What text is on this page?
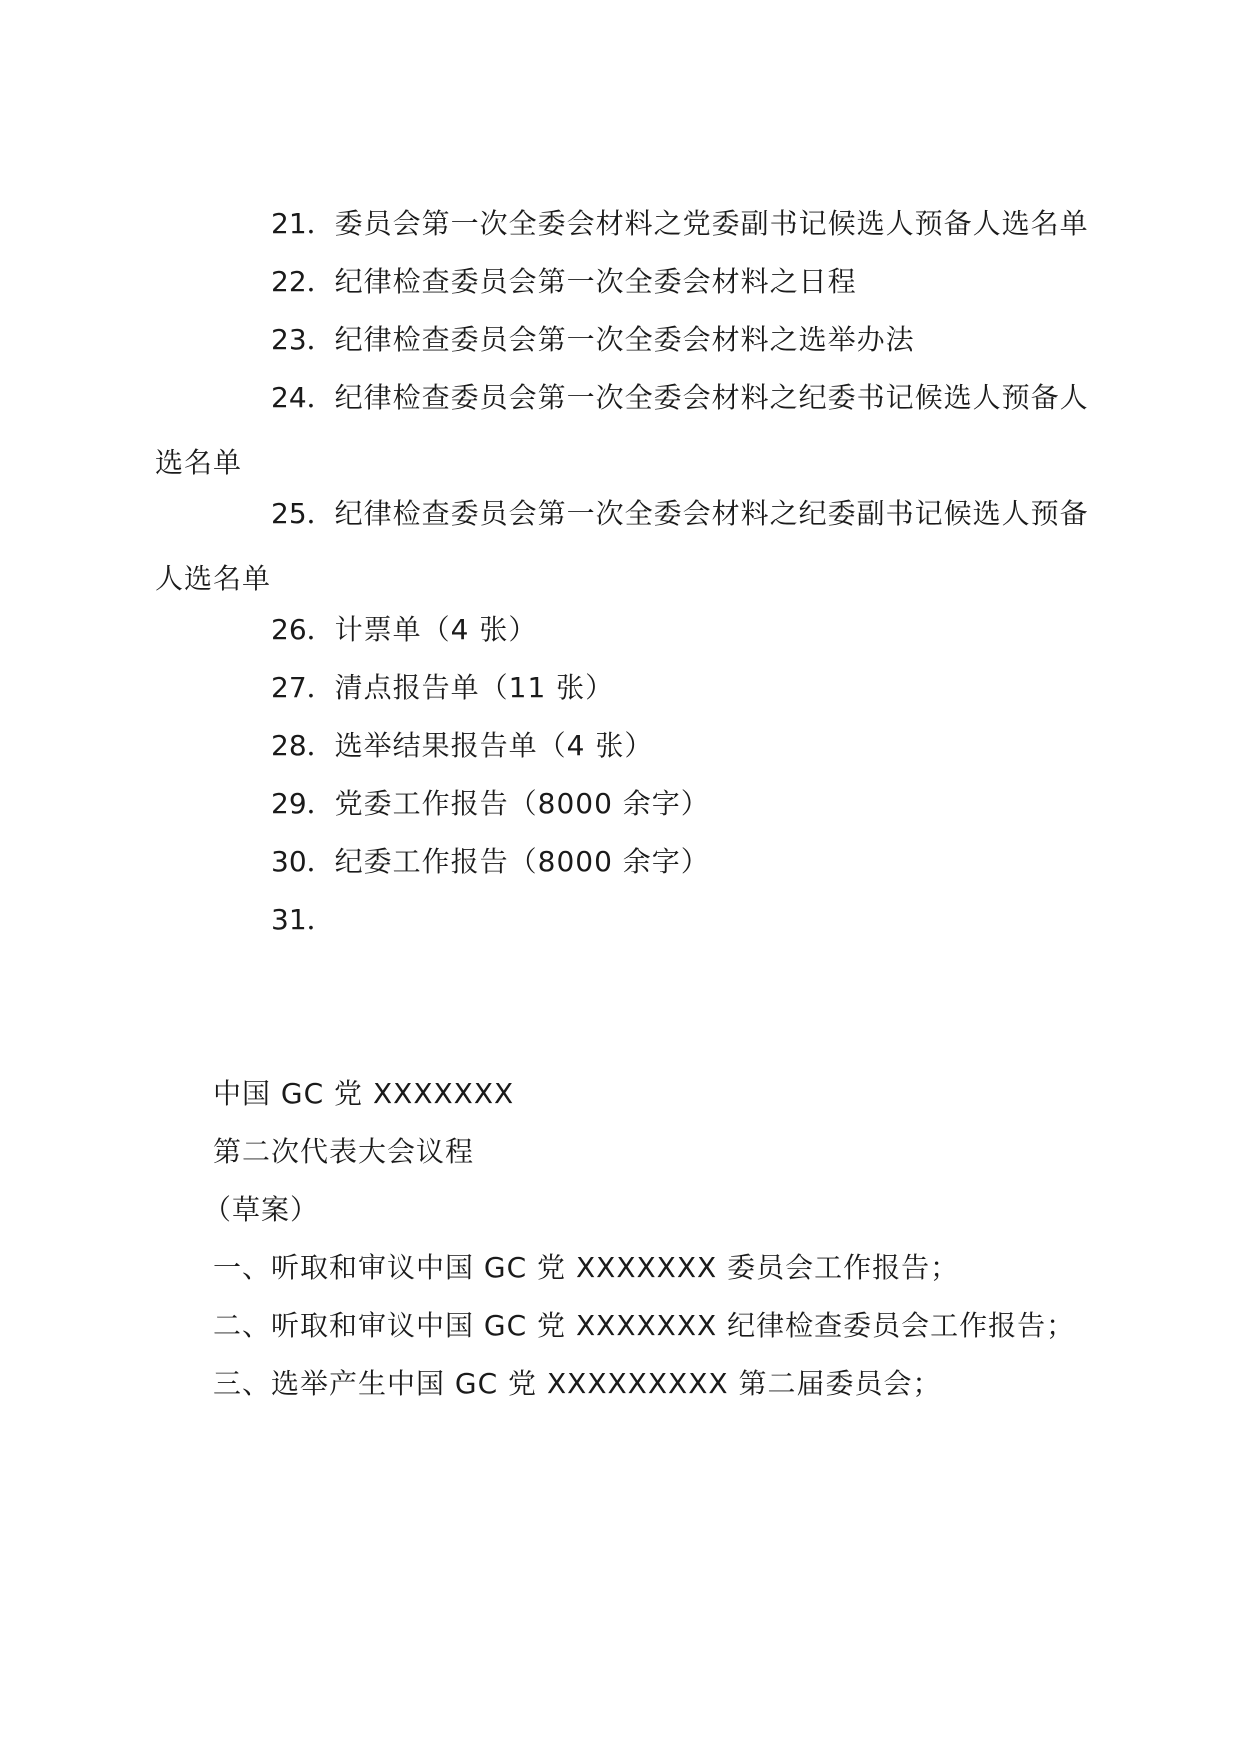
21．委员会第一次全委会材料之党委副书记候选人预备人选名单

22．纪律检查委员会第一次全委会材料之日程

23．纪律检查委员会第一次全委会材料之选举办法

24．纪律检查委员会第一次全委会材料之纪委书记候选人预备人选名单

25．纪律检查委员会第一次全委会材料之纪委副书记候选人预备人选名单

26．计票单（4 张）

27．清点报告单（11 张）

28．选举结果报告单（4 张）

29．党委工作报告（8000 余字）

30．纪委工作报告（8000 余字）

31．

中国 GC 党 XXXXXXX

第二次代表大会议程

（草案）

一、听取和审议中国 GC 党 XXXXXXX 委员会工作报告；

二、听取和审议中国 GC 党 XXXXXXX 纪律检查委员会工作报告；

三、选举产生中国 GC 党 XXXXXXXXX 第二届委员会；
